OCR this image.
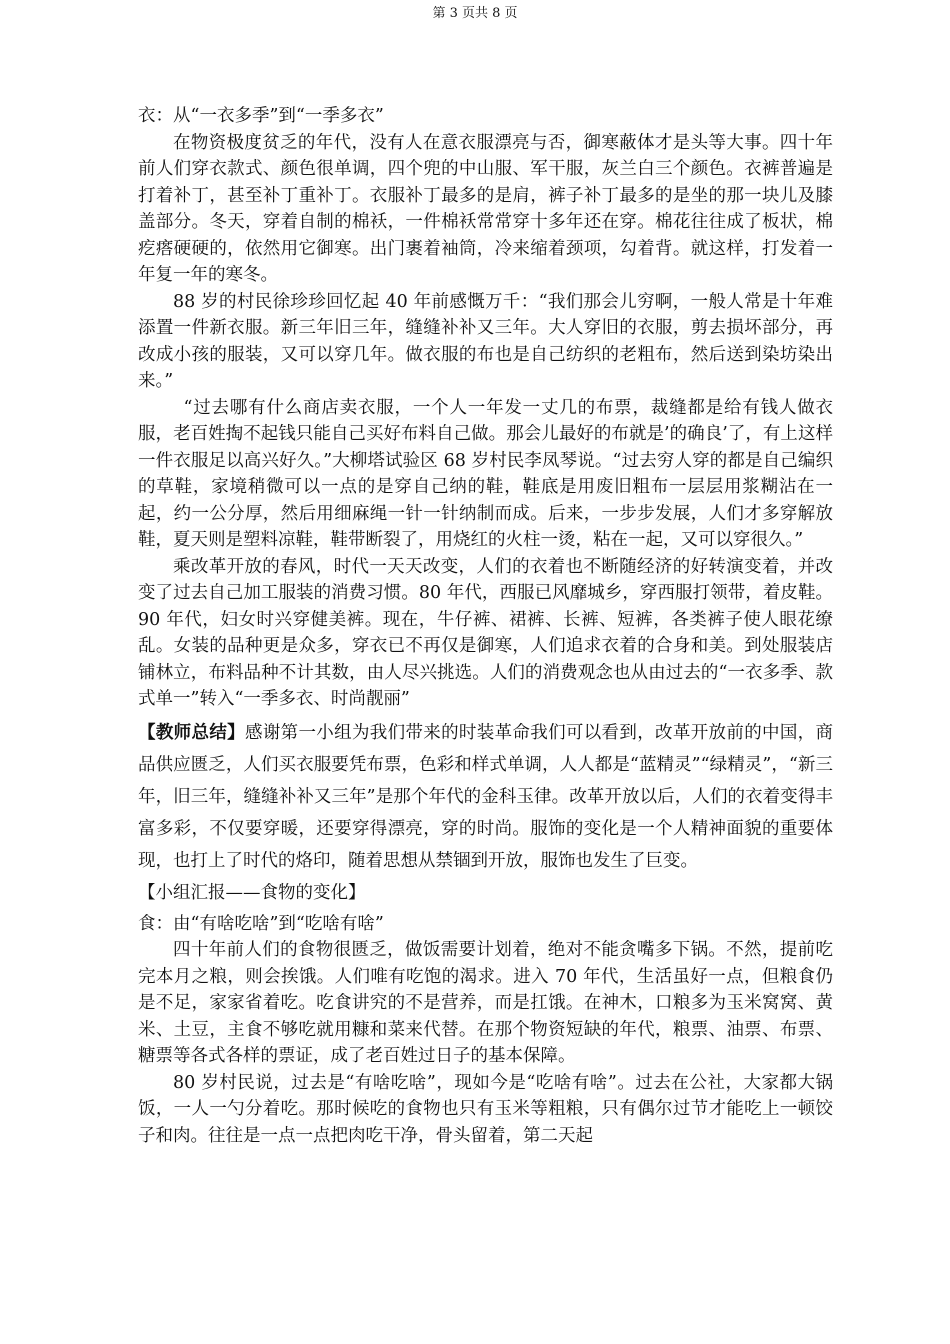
第 3 页共 8 页

衣：从“一衣多季”到“一季多衣”

在物资极度贫乏的年代，没有人在意衣服漂亮与否，御寒蔽体才是头等大事。四十年前人们穿衣款式、颜色很单调，四个兜的中山服、军干服，灰兰白三个颜色。衣裤普遍是打着补丁，甚至补丁重补丁。衣服补丁最多的是肩，裤子补丁最多的是坐的那一块儿及膝盖部分。冬天，穿着自制的棉袄，一件棉袄常常穿十多年还在穿。棉花往往成了板状，棉疙瘩硬硬的，依然用它御寒。出门裹着袖筒，冷来缩着颈项，勾着背。就这样，打发着一年复一年的寒冬。

88 岁的村民徐珍珍回忆起 40 年前感慨万千：“我们那会儿穷啊，一般人常是十年难添置一件新衣服。新三年旧三年，缝缝补补又三年。大人穿旧的衣服，剪去损坏部分，再改成小孩的服装，又可以穿几年。做衣服的布也是自己纺织的老粗布，然后送到染坊染出来。”

“过去哪有什么商店卖衣服，一个人一年发一丈几的布票，裁缝都是给有钱人做衣服，老百姓掏不起钱只能自己买好布料自己做。那会儿最好的布就是’的确良’了，有上这样一件衣服足以高兴好久。”大柳塔试验区 68 岁村民李凤琴说。“过去穷人穿的都是自己编织的草鞋，家境稍微可以一点的是穿自己纳的鞋，鞋底是用废旧粗布一层层用浆糊沾在一起，约一公分厚，然后用细麻绳一针一针纳制而成。后来，一步步发展，人们才多穿解放鞋，夏天则是塑料凉鞋，鞋带断裂了，用烧红的火柱一烫，粘在一起，又可以穿很久。”

乘改革开放的春风，时代一天天改变，人们的衣着也不断随经济的好转演变着，并改变了过去自己加工服装的消费习惯。80 年代，西服已风靡城乡，穿西服打领带，着皮鞋。90 年代，妇女时兴穿健美裤。现在，牛仔裤、裙裤、长裤、短裤，各类裤子使人眼花缭乱。女装的品种更是众多，穿衣已不再仅是御寒，人们追求衣着的合身和美。到处服装店铺林立，布料品种不计其数，由人尽兴挑选。人们的消费观念也从由过去的“一衣多季、款式单一”转入“一季多衣、时尚靓丽”

【教师总结】感谢第一小组为我们带来的时装革命我们可以看到，改革开放前的中国，商品供应匮乏，人们买衣服要凭布票，色彩和样式单调，人人都是“蓝精灵”“绿精灵”，“新三年，旧三年，缝缝补补又三年”是那个年代的金科玉律。改革开放以后，人们的衣着变得丰富多彩，不仅要穿暖，还要穿得漂亮，穿的时尚。服饰的变化是一个人精神面貌的重要体现，也打上了时代的烙印，随着思想从禁锢到开放，服饰也发生了巨变。

【小组汇报——食物的变化】

食：由“有啥吃啥”到“吃啥有啥”

四十年前人们的食物很匮乏，做饭需要计划着，绝对不能贪嘴多下锅。不然，提前吃完本月之粮，则会挨饿。人们唯有吃饱的渴求。进入 70 年代，生活虽好一点，但粮食仍是不足，家家省着吃。吃食讲究的不是营养，而是扛饿。在神木，口粮多为玉米窝窝、黄米、土豆，主食不够吃就用糠和菜来代替。在那个物资短缺的年代，粮票、油票、布票、糖票等各式各样的票证，成了老百姓过日子的基本保障。

80 岁村民说，过去是“有啥吃啥”，现如今是“吃啥有啥”。过去在公社，大家都大锅饭，一人一勺分着吃。那时候吃的食物也只有玉米等粗粮，只有偶尔过节才能吃上一顿饺子和肉。往往是一点一点把肉吃干净，骨头留着，第二天起
